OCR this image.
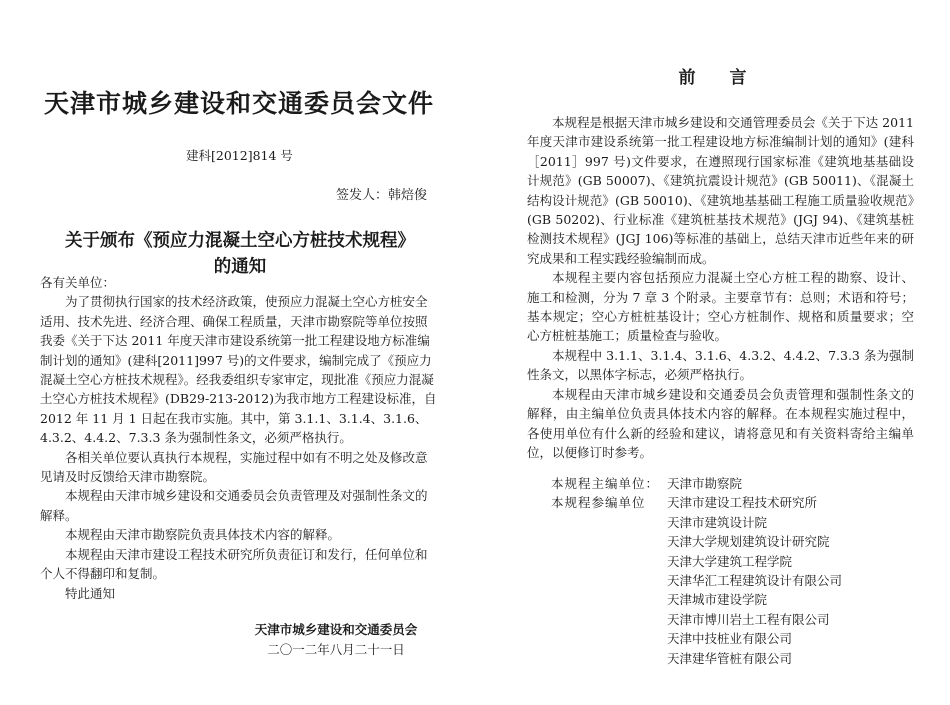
天津市城乡建设和交通委员会文件
建科[2012]814 号
签发人：韩焙俊
关于颁布《预应力混凝土空心方桩技术规程》
的通知

各有关单位：

为了贯彻执行国家的技术经济政策，使预应力混凝土空心方桩安全适用、技术先进、经济合理、确保工程质量，天津市勘察院等单位按照我委《关于下达 2011 年度天津市建设系统第一批工程建设地方标准编制计划的通知》(建科[2011]997 号)的文件要求，编制完成了《预应力混凝土空心方桩技术规程》。经我委组织专家审定，现批准《预应力混凝土空心方桩技术规程》(DB29-213-2012)为我市地方工程建设标准，自 2012 年 11 月 1 日起在我市实施。其中，第 3.1.1、3.1.4、3.1.6、4.3.2、4.4.2、7.3.3 条为强制性条文，必须严格执行。

各相关单位要认真执行本规程，实施过程中如有不明之处及修改意见请及时反馈给天津市勘察院。

本规程由天津市城乡建设和交通委员会负责管理及对强制性条文的解释。

本规程由天津市勘察院负责具体技术内容的解释。

本规程由天津市建设工程技术研究所负责征订和发行，任何单位和个人不得翻印和复制。

特此通知

天津市城乡建设和交通委员会
二〇一二年八月二十一日
前言

本规程是根据天津市城乡建设和交通管理委员会《关于下达 2011 年度天津市建设系统第一批工程建设地方标准编制计划的通知》(建科［2011］997 号)文件要求，在遵照现行国家标准《建筑地基基础设计规范》(GB 50007)、《建筑抗震设计规范》(GB 50011)、《混凝土结构设计规范》(GB 50010)、《建筑地基基础工程施工质量验收规范》(GB 50202)、行业标准《建筑桩基技术规范》(JGJ 94)、《建筑基桩检测技术规程》(JGJ 106)等标准的基础上，总结天津市近些年来的研究成果和工程实践经验编制而成。

本规程主要内容包括预应力混凝土空心方桩工程的勘察、设计、施工和检测，分为 7 章 3 个附录。主要章节有：总则；术语和符号；基本规定；空心方桩桩基设计；空心方桩制作、规格和质量要求；空心方桩桩基施工；质量检查与验收。

本规程中 3.1.1、3.1.4、3.1.6、4.3.2、4.4.2、7.3.3 条为强制性条文，以黑体字标志，必须严格执行。

本规程由天津市城乡建设和交通委员会负责管理和强制性条文的解释，由主编单位负责具体技术内容的解释。在本规程实施过程中，各使用单位有什么新的经验和建议，请将意见和有关资料寄给主编单位，以便修订时参考。

本规程主编单位： 天津市勘察院
本规程参编单位	天津市建设工程技术研究所
天津市建筑设计院
天津大学规划建筑设计研究院
天津大学建筑工程学院
天津华汇工程建筑设计有限公司
天津城市建设学院
天津市博川岩土工程有限公司
天津中技桩业有限公司
天津建华管桩有限公司
